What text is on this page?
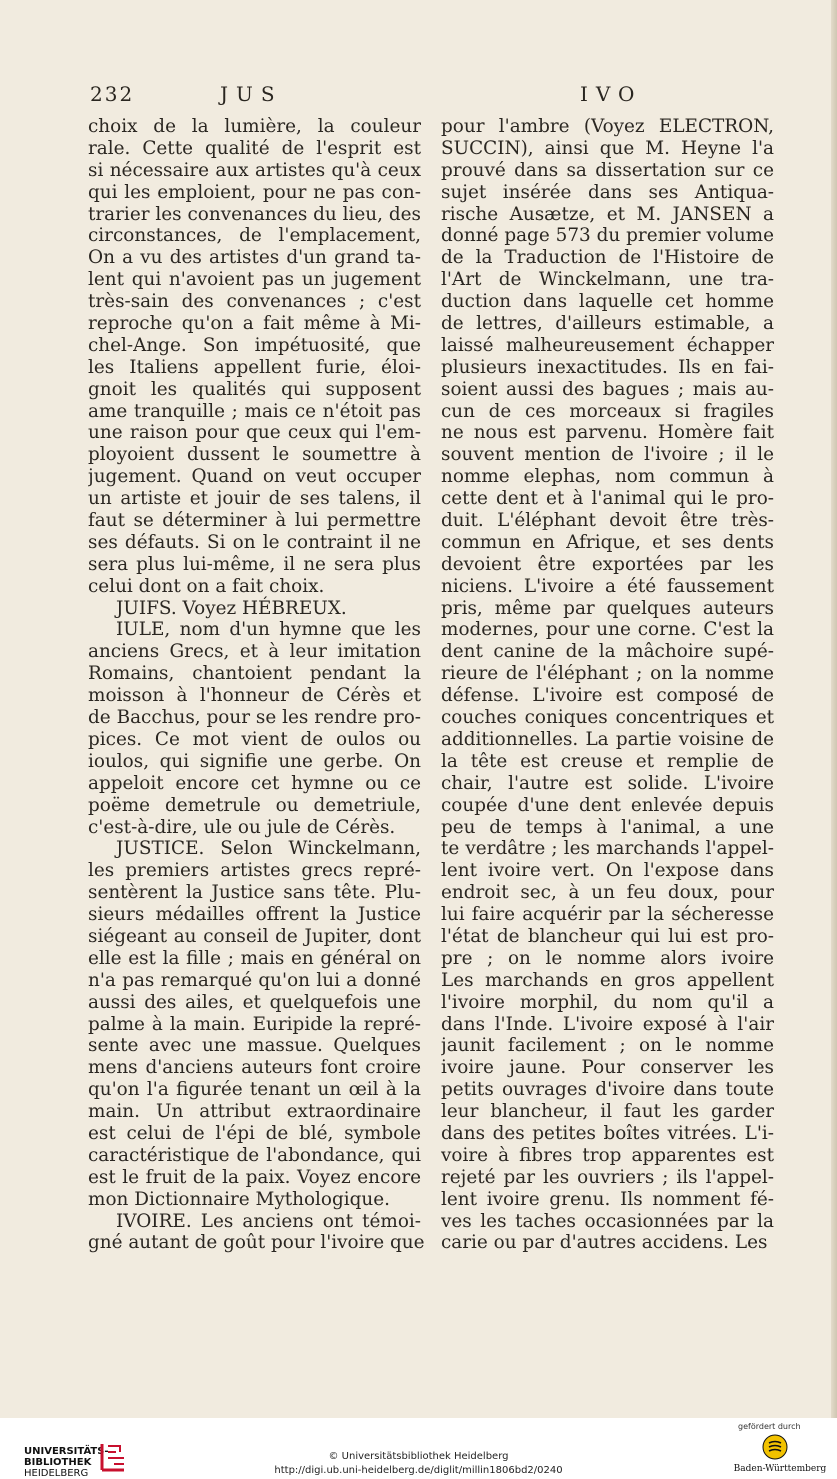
232	JUS	IVO
choix de la lumière, la couleur
rale. Cette qualité de l'esprit est
si nécessaire aux artistes qu'à ceux
qui les emploient, pour ne pas con-
trarier les convenances du lieu, des
circonstances, de l'emplacement,
On a vu des artistes d'un grand ta-
lent qui n'avoient pas un jugement
très-sain des convenances ; c'est
reproche qu'on a fait même à Mi-
chel-Ange. Son impétuosité, que
les Italiens appellent furie, éloi-
gnoit les qualités qui supposent
ame tranquille ; mais ce n'étoit pas
une raison pour que ceux qui l'em-
ployoient dussent le soumettre à
jugement. Quand on veut occuper
un artiste et jouir de ses talens, il
faut se déterminer à lui permettre
ses défauts. Si on le contraint il ne
sera plus lui-même, il ne sera plus
celui dont on a fait choix.
JUIFS. Voyez HÉBREUX.
IULE, nom d'un hymne que les
anciens Grecs, et à leur imitation
Romains, chantoient pendant la
moisson à l'honneur de Cérès et
de Bacchus, pour se les rendre pro-
pices. Ce mot vient de oulos ou
ioulos, qui signifie une gerbe. On
appeloit encore cet hymne ou ce
poëme demetrule ou demetriule,
c'est-à-dire, ule ou jule de Cérès.
JUSTICE. Selon Winckelmann,
les premiers artistes grecs repré-
sentèrent la Justice sans tête. Plu-
sieurs médailles offrent la Justice
siégeant au conseil de Jupiter, dont
elle est la fille ; mais en général on
n'a pas remarqué qu'on lui a donné
aussi des ailes, et quelquefois une
palme à la main. Euripide la repré-
sente avec une massue. Quelques
mens d'anciens auteurs font croire
qu'on l'a figurée tenant un œil à la
main. Un attribut extraordinaire
est celui de l'épi de blé, symbole
caractéristique de l'abondance, qui
est le fruit de la paix. Voyez encore
mon Dictionnaire Mythologique.
IVOIRE. Les anciens ont témoi-
gné autant de goût pour l'ivoire que
pour l'ambre (Voyez ELECTRON,
SUCCIN), ainsi que M. Heyne l'a
prouvé dans sa dissertation sur ce
sujet insérée dans ses Antiqua-
rische Ausætze, et M. JANSEN a
donné page 573 du premier volume
de la Traduction de l'Histoire de
l'Art de Winckelmann, une tra-
duction dans laquelle cet homme
de lettres, d'ailleurs estimable, a
laissé malheureusement échapper
plusieurs inexactitudes. Ils en fai-
soient aussi des bagues ; mais au-
cun de ces morceaux si fragiles
ne nous est parvenu. Homère fait
souvent mention de l'ivoire ; il le
nomme elephas, nom commun à
cette dent et à l'animal qui le pro-
duit. L'éléphant devoit être très-
commun en Afrique, et ses dents
devoient être exportées par les
niciens. L'ivoire a été faussement
pris, même par quelques auteurs
modernes, pour une corne. C'est la
dent canine de la mâchoire supé-
rieure de l'éléphant ; on la nomme
défense. L'ivoire est composé de
couches coniques concentriques et
additionnelles. La partie voisine de
la tête est creuse et remplie de
chair, l'autre est solide. L'ivoire
coupée d'une dent enlevée depuis
peu de temps à l'animal, a une
te verdâtre ; les marchands l'appel-
lent ivoire vert. On l'expose dans
endroit sec, à un feu doux, pour
lui faire acquérir par la sécheresse
l'état de blancheur qui lui est pro-
pre ; on le nomme alors ivoire
Les marchands en gros appellent
l'ivoire morphil, du nom qu'il a
dans l'Inde. L'ivoire exposé à l'air
jaunit facilement ; on le nomme
ivoire jaune. Pour conserver les
petits ouvrages d'ivoire dans toute
leur blancheur, il faut les garder
dans des petites boîtes vitrées. L'i-
voire à fibres trop apparentes est
rejeté par les ouvriers ; ils l'appel-
lent ivoire grenu. Ils nomment fé-
ves les taches occasionnées par la
carie ou par d'autres accidens. Les
UNIVERSITÄTS-
BIBLIOTHEK
HEIDELBERG
© Universitätsbibliothek Heidelberg
http://digi.ub.uni-heidelberg.de/diglit/millin1806bd2/0240
gefördert durch
Baden-Württemberg
